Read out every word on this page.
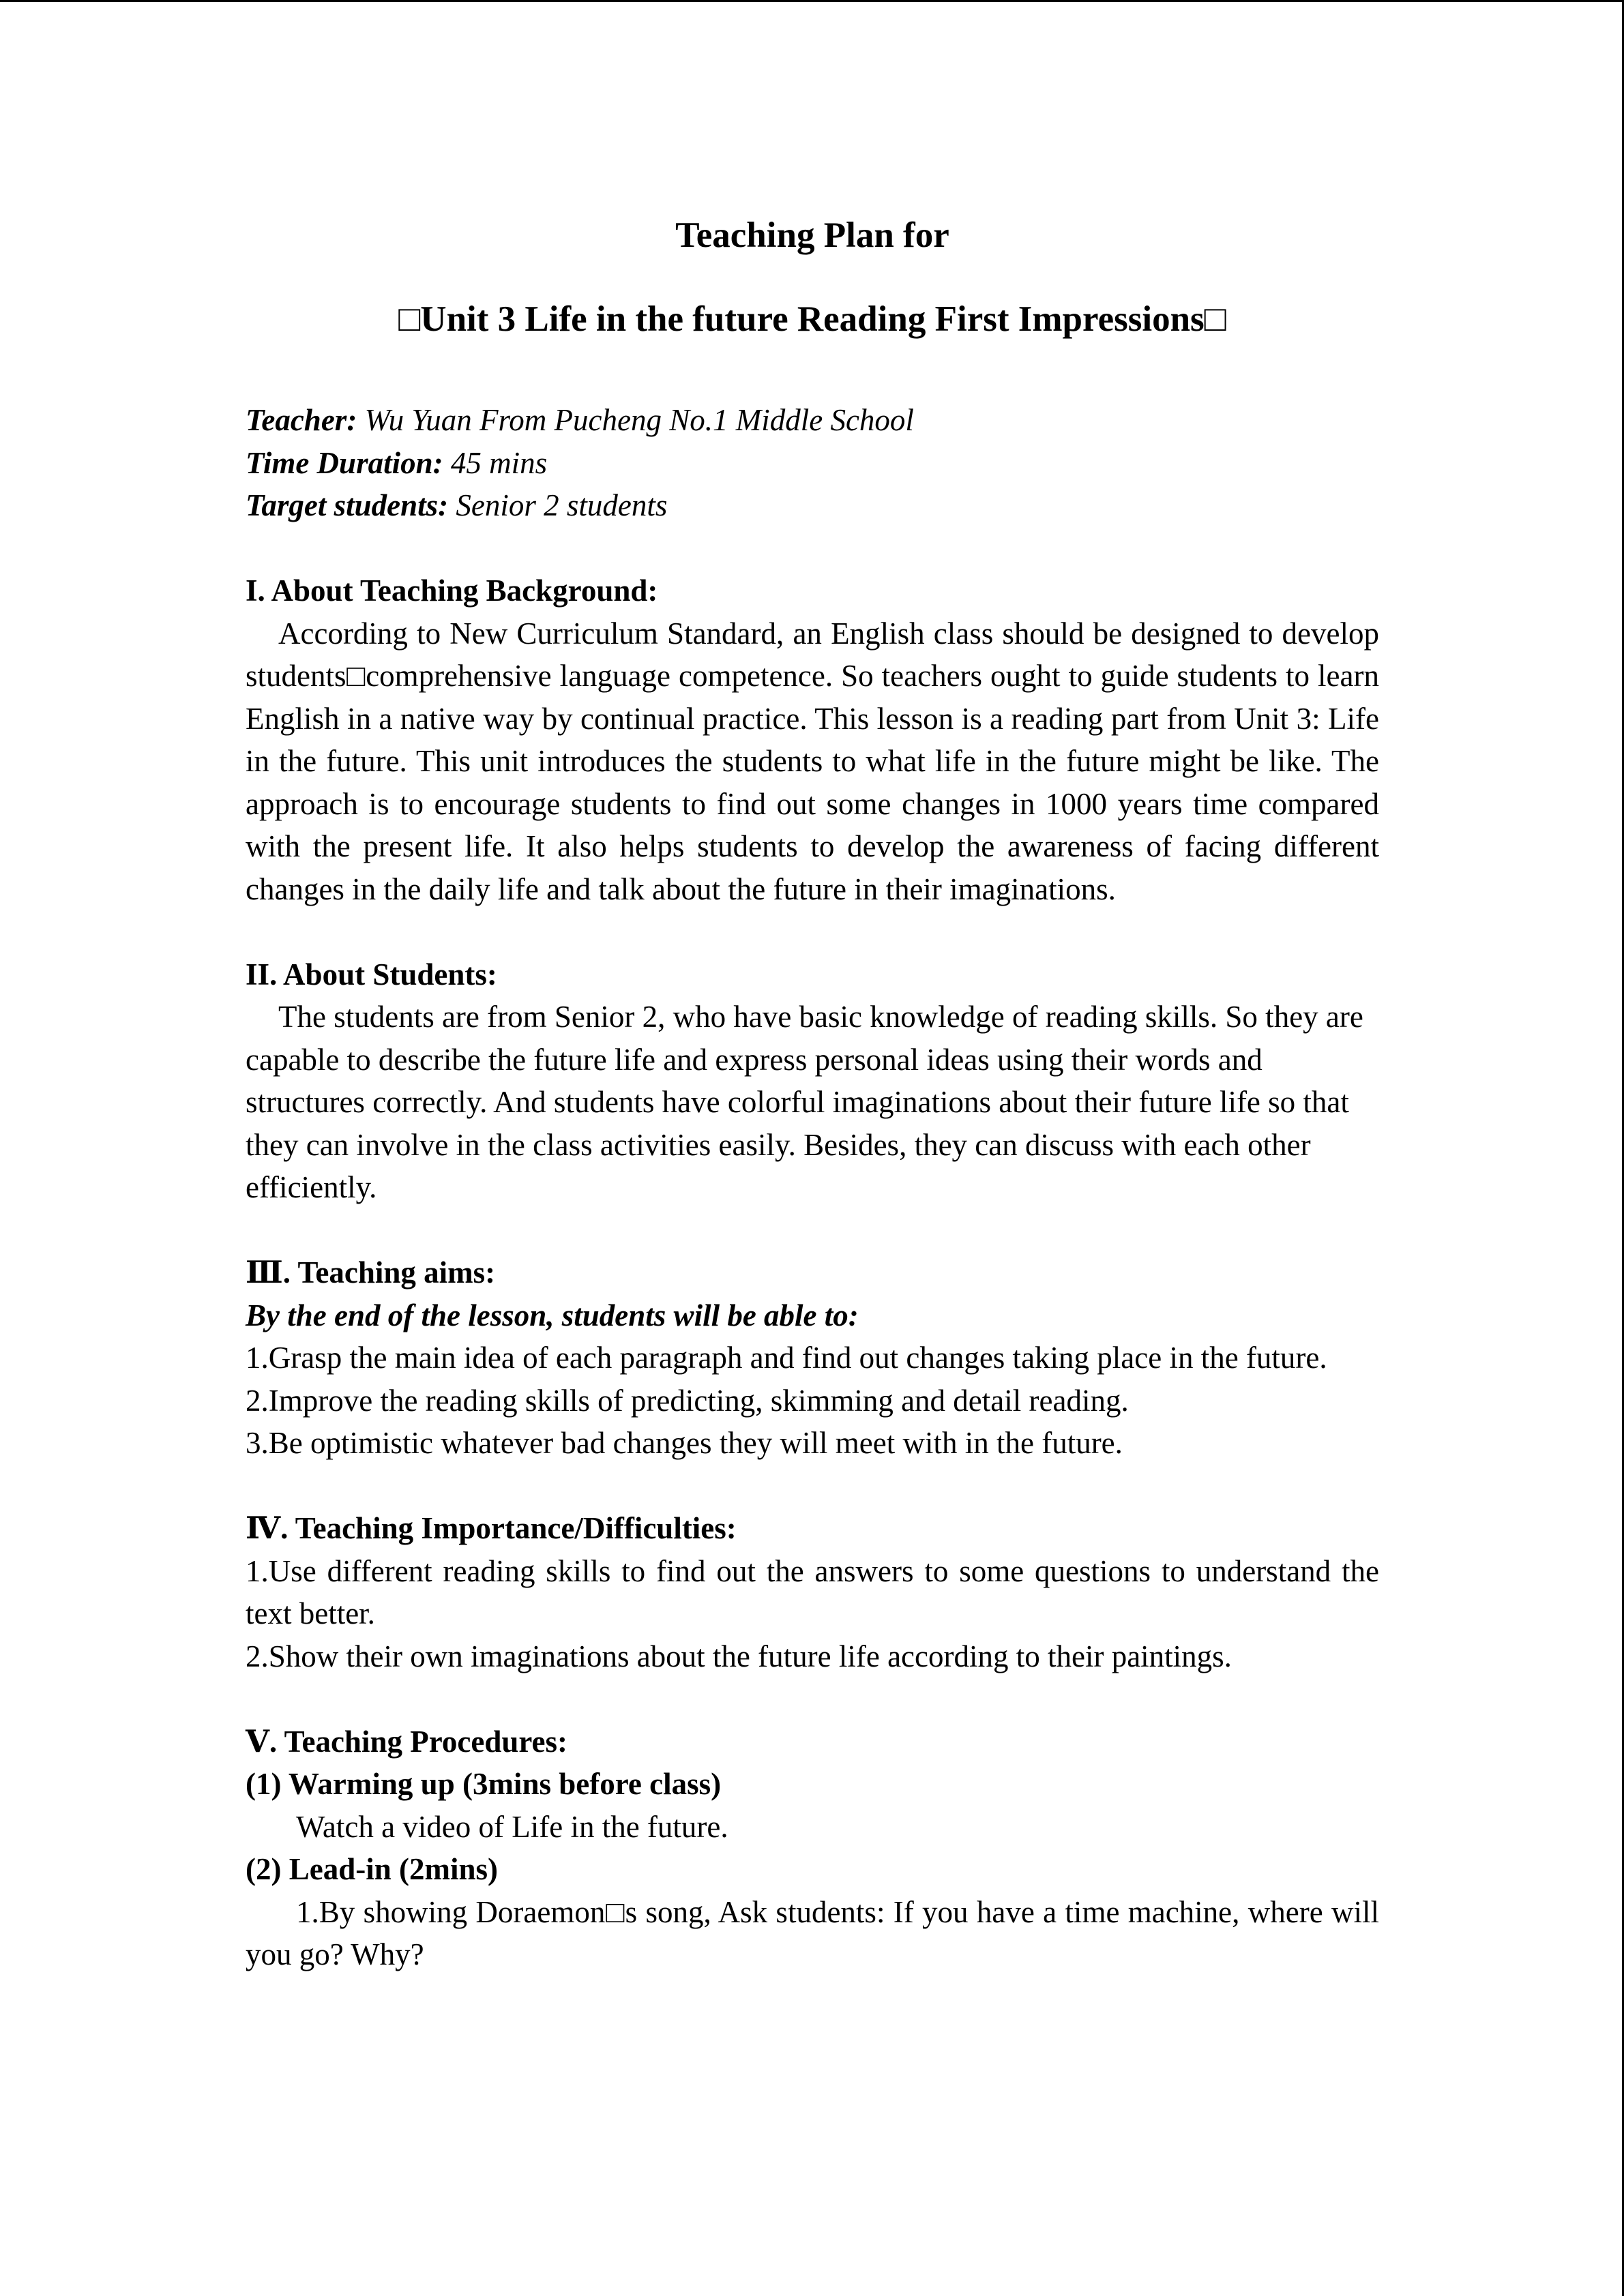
Teaching Plan for

□Unit 3 Life in the future Reading First Impressions□

Teacher: Wu Yuan From Pucheng No.1 Middle School

Time Duration: 45 mins

Target students: Senior 2 students

I. About Teaching Background:

According to New Curriculum Standard, an English class should be designed to develop students□comprehensive language competence. So teachers ought to guide students to learn English in a native way by continual practice. This lesson is a reading part from Unit 3: Life in the future. This unit introduces the students to what life in the future might be like. The approach is to encourage students to find out some changes in 1000 years time compared with the present life. It also helps students to develop the awareness of facing different changes in the daily life and talk about the future in their imaginations.

II. About Students:

The students are from Senior 2, who have basic knowledge of reading skills. So they are capable to describe the future life and express personal ideas using their words and structures correctly. And students have colorful imaginations about their future life so that they can involve in the class activities easily. Besides, they can discuss with each other efficiently.

Ⅲ. Teaching aims:

By the end of the lesson, students will be able to:

1.Grasp the main idea of each paragraph and find out changes taking place in the future.

2.Improve the reading skills of predicting, skimming and detail reading.

3.Be optimistic whatever bad changes they will meet with in the future.

Ⅳ. Teaching Importance/Difficulties:

1.Use different reading skills to find out the answers to some questions to understand the text better.

2.Show their own imaginations about the future life according to their paintings.

Ⅴ. Teaching Procedures:

(1) Warming up (3mins before class)

Watch a video of Life in the future.

(2) Lead-in (2mins)

1.By showing Doraemon□s song, Ask students: If you have a time machine, where will you go? Why?
